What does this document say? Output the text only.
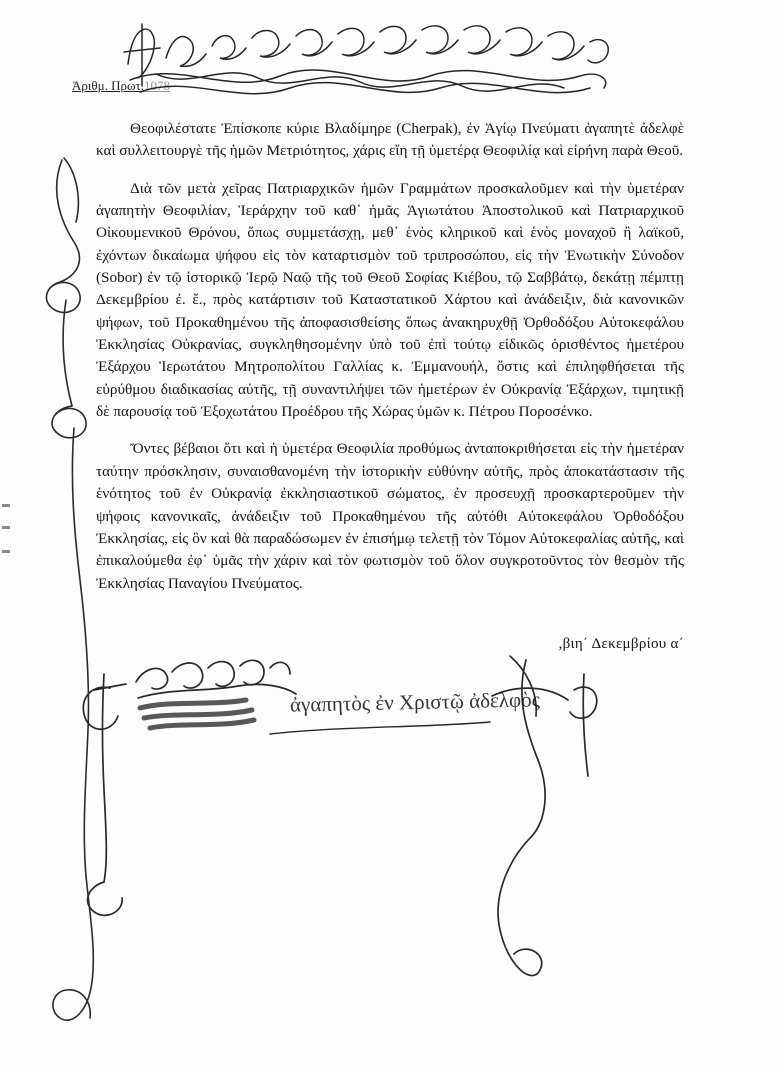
Ἀριθμ. Πρωτ.1078

Θεοφιλέστατε Ἐπίσκοπε κύριε Βλαδίμηρε (Cherpak), ἐν Ἁγίῳ Πνεύματι ἀγαπητὲ ἀδελφὲ καὶ συλλειτουργὲ τῆς ἡμῶν Μετριότητος, χάρις εἴη τῇ ὑμετέρᾳ Θεοφιλίᾳ καὶ εἰρήνη παρὰ Θεοῦ.

Διὰ τῶν μετὰ χεῖρας Πατριαρχικῶν ἡμῶν Γραμμάτων προσκαλοῦμεν καὶ τὴν ὑμετέραν ἀγαπητὴν Θεοφιλίαν, Ἱεράρχην τοῦ καθ᾿ ἡμᾶς Ἁγιωτάτου Ἀποστολικοῦ καὶ Πατριαρχικοῦ Οἰκουμενικοῦ Θρόνου, ὅπως συμμετάσχῃ, μεθ᾿ ἑνὸς κληρικοῦ καὶ ἑνὸς μοναχοῦ ἢ λαϊκοῦ, ἐχόντων δικαίωμα ψήφου εἰς τὸν καταρτισμὸν τοῦ τριπροσώπου, εἰς τὴν Ἑνωτικὴν Σύνοδον (Sobor) ἐν τῷ ἱστορικῷ Ἱερῷ Ναῷ τῆς τοῦ Θεοῦ Σοφίας Κιέβου, τῷ Σαββάτῳ, δεκάτῃ πέμπτῃ Δεκεμβρίου ἐ. ἔ., πρὸς κατάρτισιν τοῦ Καταστατικοῦ Χάρτου καὶ ἀνάδειξιν, διὰ κανονικῶν ψήφων, τοῦ Προκαθημένου τῆς ἀποφασισθείσης ὅπως ἀνακηρυχθῇ Ὀρθοδόξου Αὐτοκεφάλου Ἐκκλησίας Οὐκρανίας, συγκληθησομένην ὑπὸ τοῦ ἐπὶ τούτῳ εἰδικῶς ὁρισθέντος ἡμετέρου Ἐξάρχου Ἱερωτάτου Μητροπολίτου Γαλλίας κ. Ἐμμανουήλ, ὅστις καὶ ἐπιληφθήσεται τῆς εὐρύθμου διαδικασίας αὐτῆς, τῇ συναντιλήψει τῶν ἡμετέρων ἐν Οὐκρανίᾳ Ἐξάρχων, τιμητικῇ δὲ παρουσίᾳ τοῦ Ἐξοχωτάτου Προέδρου τῆς Χώρας ὑμῶν κ. Πέτρου Ποροσένκο.

Ὄντες βέβαιοι ὅτι καὶ ἡ ὑμετέρα Θεοφιλία προθύμως ἀνταποκριθήσεται εἰς τὴν ἡμετέραν ταύτην πρόσκλησιν, συναισθανομένη τὴν ἱστορικὴν εὐθύνην αὐτῆς, πρὸς ἀποκατάστασιν τῆς ἑνότητος τοῦ ἐν Οὐκρανίᾳ ἐκκλησιαστικοῦ σώματος, ἐν προσευχῇ προσκαρτεροῦμεν τὴν ψήφοις κανονικαῖς, ἀνάδειξιν τοῦ Προκαθημένου τῆς αὐτόθι Αὐτοκεφάλου Ὀρθοδόξου Ἐκκλησίας, εἰς ὃν καὶ θὰ παραδώσωμεν ἐν ἐπισήμῳ τελετῇ τὸν Τόμον Αὐτοκεφαλίας αὐτῆς, καὶ ἐπικαλούμεθα ἐφ᾿ ὑμᾶς τὴν χάριν καὶ τὸν φωτισμὸν τοῦ ὅλον συγκροτοῦντος τὸν θεσμὸν τῆς Ἐκκλησίας Παναγίου Πνεύματος.

,βιη΄ Δεκεμβρίου α΄
ἀγαπητὸς ἐν Χριστῷ ἀδελφὸς
